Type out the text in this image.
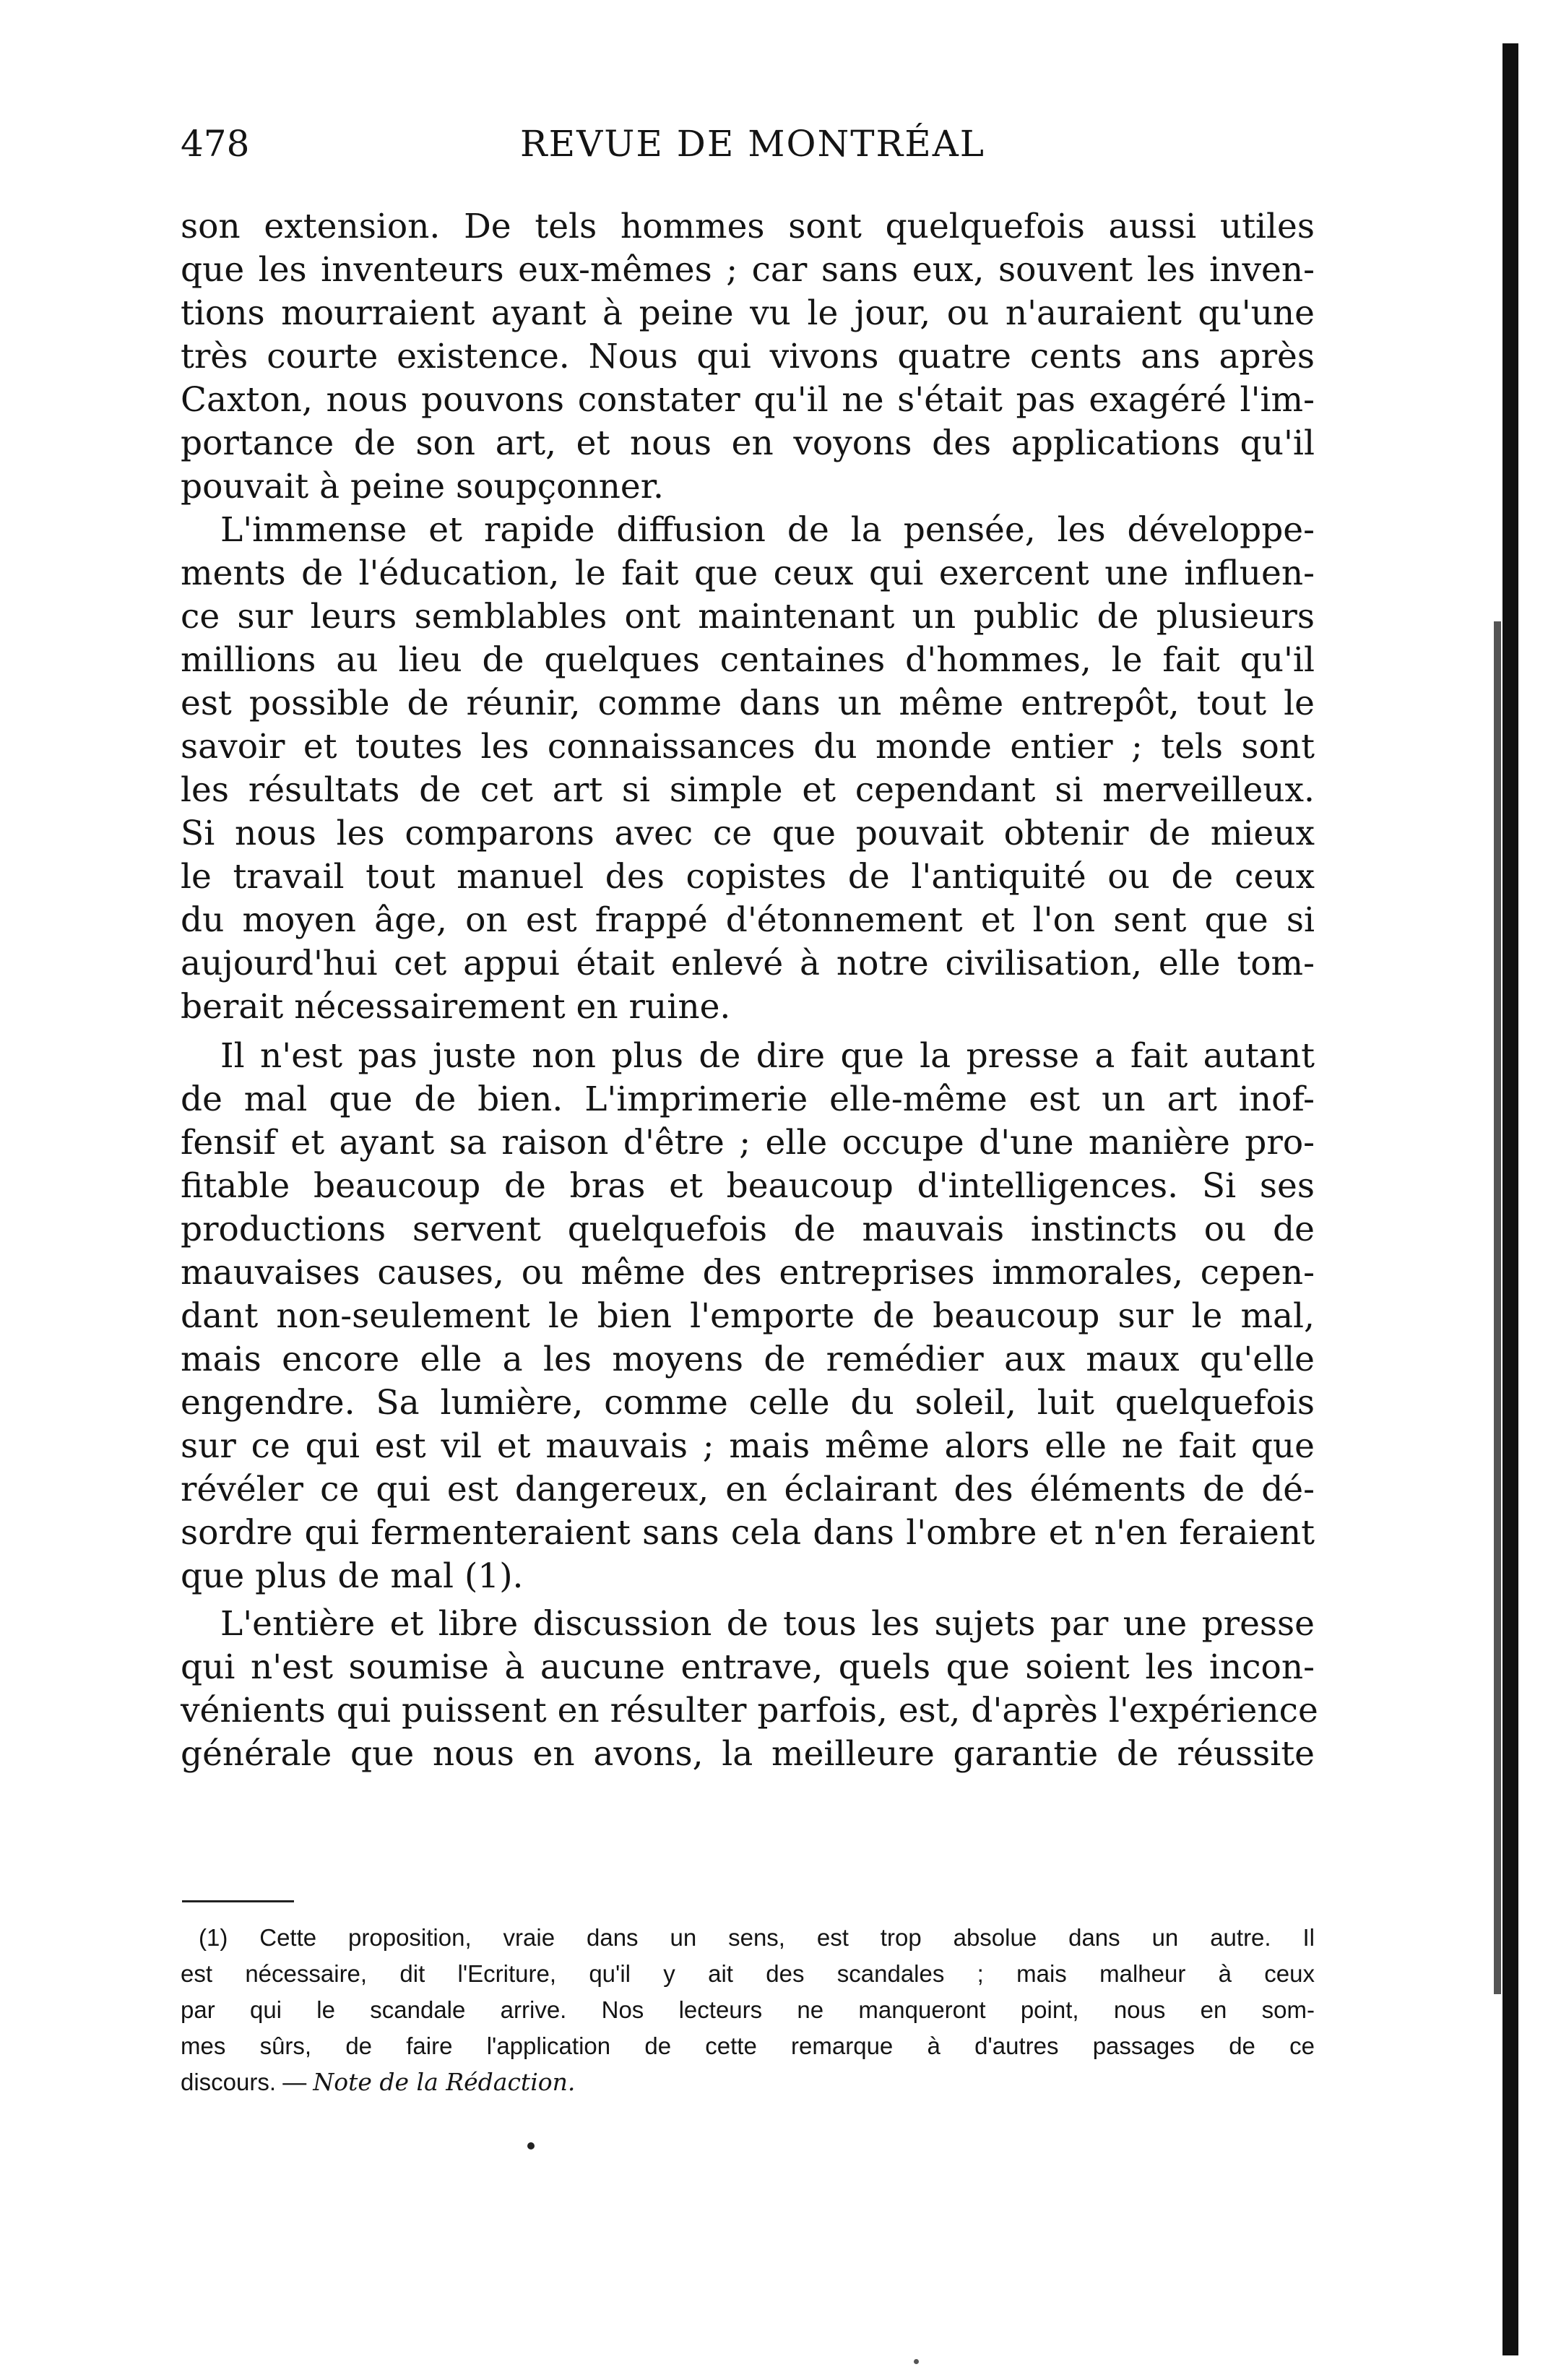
478	REVUE DE MONTRÉAL
son extension. De tels hommes sont quelquefois aussi utiles
que les inventeurs eux-mêmes ; car sans eux, souvent les inven-
tions mourraient ayant à peine vu le jour, ou n'auraient qu'une
très courte existence. Nous qui vivons quatre cents ans après
Caxton, nous pouvons constater qu'il ne s'était pas exagéré l'im-
portance de son art, et nous en voyons des applications qu'il
pouvait à peine soupçonner.
L'immense et rapide diffusion de la pensée, les développe-
ments de l'éducation, le fait que ceux qui exercent une influen-
ce sur leurs semblables ont maintenant un public de plusieurs
millions au lieu de quelques centaines d'hommes, le fait qu'il
est possible de réunir, comme dans un même entrepôt, tout le
savoir et toutes les connaissances du monde entier ; tels sont
les résultats de cet art si simple et cependant si merveilleux.
Si nous les comparons avec ce que pouvait obtenir de mieux
le travail tout manuel des copistes de l'antiquité ou de ceux
du moyen âge, on est frappé d'étonnement et l'on sent que si
aujourd'hui cet appui était enlevé à notre civilisation, elle tom-
berait nécessairement en ruine.
Il n'est pas juste non plus de dire que la presse a fait autant
de mal que de bien. L'imprimerie elle-même est un art inof-
fensif et ayant sa raison d'être ; elle occupe d'une manière pro-
fitable beaucoup de bras et beaucoup d'intelligences. Si ses
productions servent quelquefois de mauvais instincts ou de
mauvaises causes, ou même des entreprises immorales, cepen-
dant non-seulement le bien l'emporte de beaucoup sur le mal,
mais encore elle a les moyens de remédier aux maux qu'elle
engendre. Sa lumière, comme celle du soleil, luit quelquefois
sur ce qui est vil et mauvais ; mais même alors elle ne fait que
révéler ce qui est dangereux, en éclairant des éléments de dé-
sordre qui fermenteraient sans cela dans l'ombre et n'en feraient
que plus de mal (1).
L'entière et libre discussion de tous les sujets par une presse
qui n'est soumise à aucune entrave, quels que soient les incon-
vénients qui puissent en résulter parfois, est, d'après l'expérience
générale que nous en avons, la meilleure garantie de réussite
(1) Cette proposition, vraie dans un sens, est trop absolue dans un autre. Il
est nécessaire, dit l'Ecriture, qu'il y ait des scandales ; mais malheur à ceux
par qui le scandale arrive. Nos lecteurs ne manqueront point, nous en som-
mes sûrs, de faire l'application de cette remarque à d'autres passages de ce
discours. — Note de la Rédaction.
